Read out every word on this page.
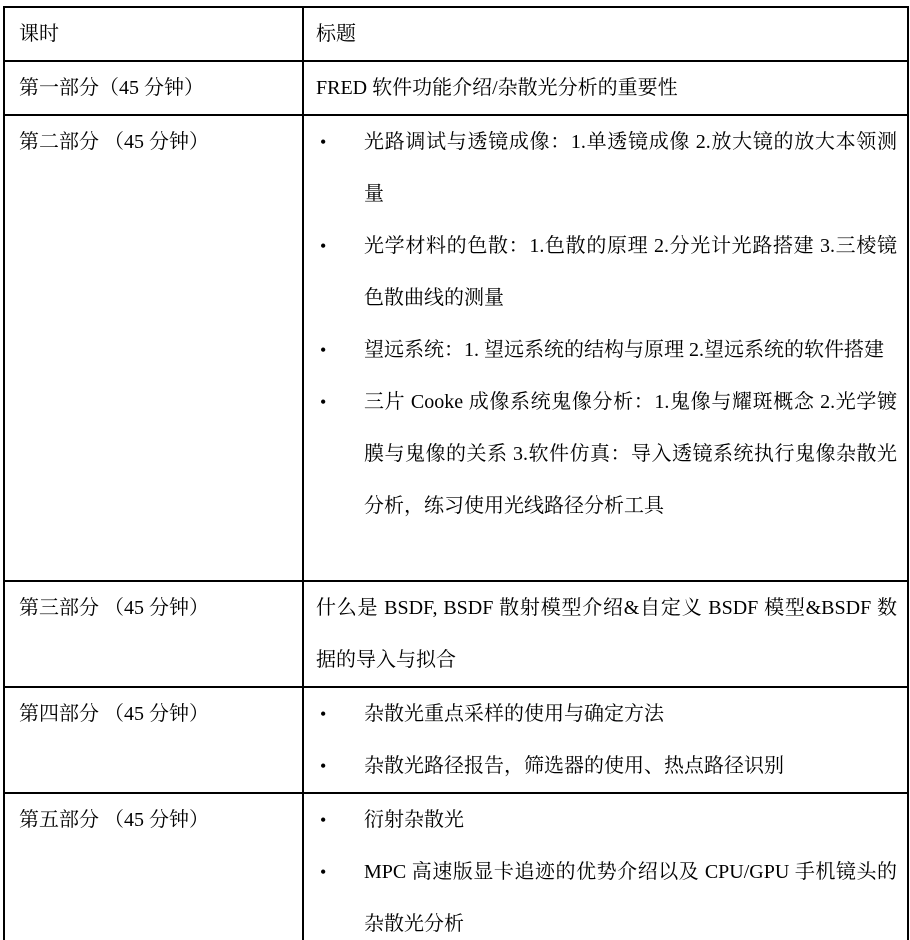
课时	标题
第一部分（45 分钟）	FRED 软件功能介绍/杂散光分析的重要性
第二部分 （45 分钟）	•	光路调试与透镜成像：1.单透镜成像 2.放大镜的放大本领测量
•	光学材料的色散：1.色散的原理 2.分光计光路搭建 3.三棱镜色散曲线的测量
•	望远系统：1. 望远系统的结构与原理 2.望远系统的软件搭建
•	三片 Cooke 成像系统鬼像分析：1.鬼像与耀斑概念 2.光学镀膜与鬼像的关系 3.软件仿真：导入透镜系统执行鬼像杂散光分析，练习使用光线路径分析工具

第三部分 （45 分钟）	什么是 BSDF, BSDF 散射模型介绍&自定义 BSDF 模型&BSDF 数据的导入与拟合
第四部分 （45 分钟）	• 杂散光重点采样的使用与确定方法
• 杂散光路径报告，筛选器的使用、热点路径识别

第五部分 （45 分钟）	• 衍射杂散光
• MPC 高速版显卡追迹的优势介绍以及 CPU/GPU 手机镜头的杂散光分析
